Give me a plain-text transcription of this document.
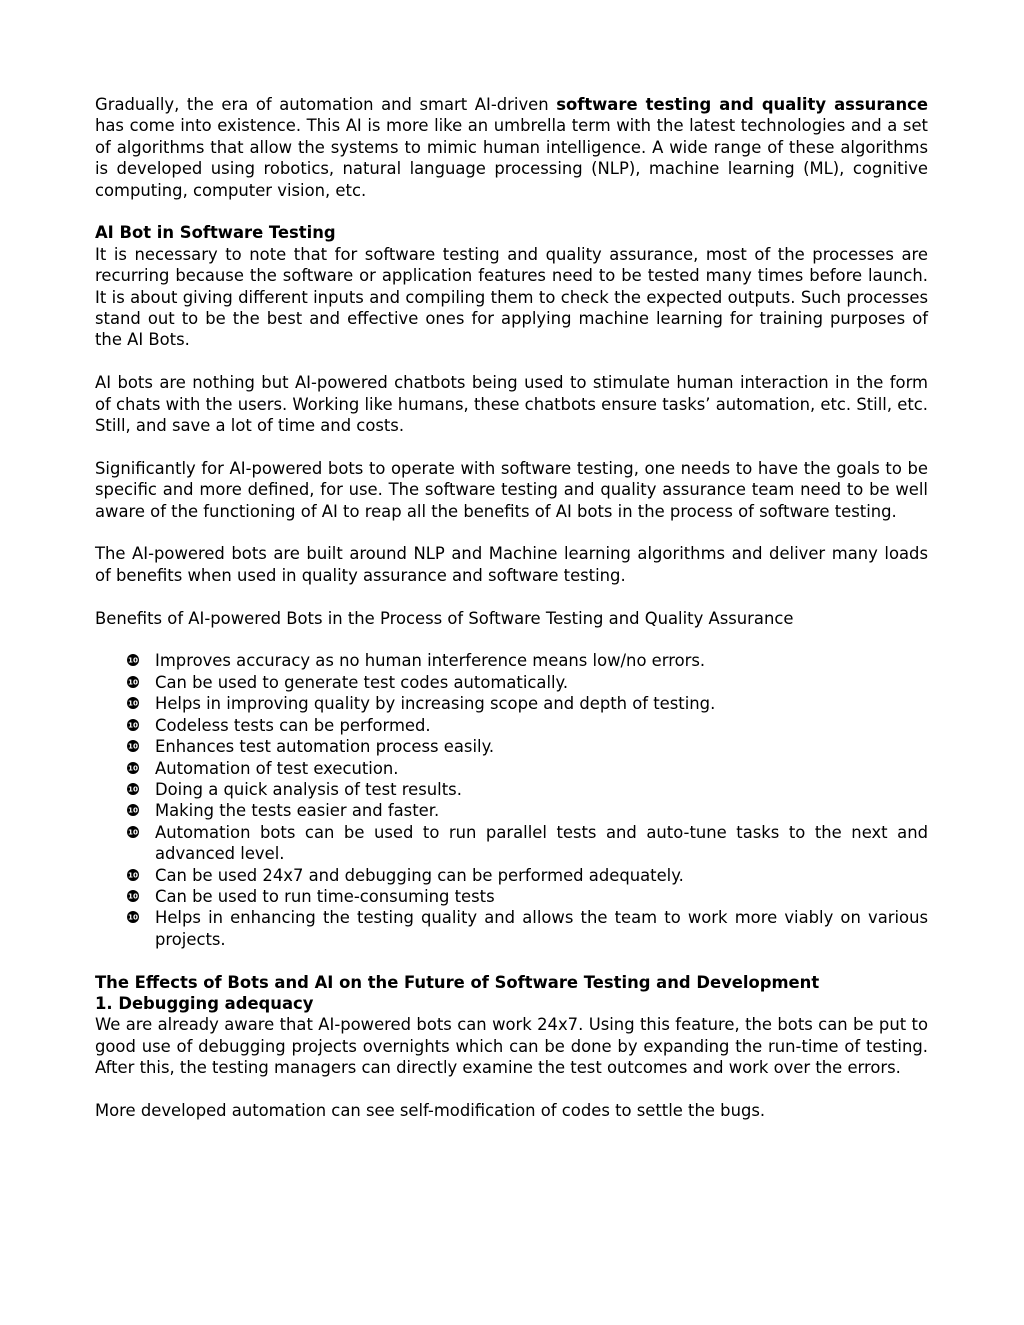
Gradually, the era of automation and smart AI-driven software testing and quality assurance has come into existence. This AI is more like an umbrella term with the latest technologies and a set of algorithms that allow the systems to mimic human intelligence. A wide range of these algorithms is developed using robotics, natural language processing (NLP), machine learning (ML), cognitive computing, computer vision, etc.

AI Bot in Software Testing

It is necessary to note that for software testing and quality assurance, most of the processes are recurring because the software or application features need to be tested many times before launch. It is about giving different inputs and compiling them to check the expected outputs. Such processes stand out to be the best and effective ones for applying machine learning for training purposes of the AI Bots.

AI bots are nothing but AI-powered chatbots being used to stimulate human interaction in the form of chats with the users. Working like humans, these chatbots ensure tasks’ automation, etc. Still, etc. Still, and save a lot of time and costs.

Significantly for AI-powered bots to operate with software testing, one needs to have the goals to be specific and more defined, for use. The software testing and quality assurance team need to be well aware of the functioning of AI to reap all the benefits of AI bots in the process of software testing.

The AI-powered bots are built around NLP and Machine learning algorithms and deliver many loads of benefits when used in quality assurance and software testing.

Benefits of AI-powered Bots in the Process of Software Testing and Quality Assurance

10 Improves accuracy as no human interference means low/no errors.
10 Can be used to generate test codes automatically.
10 Helps in improving quality by increasing scope and depth of testing.
10 Codeless tests can be performed.
10 Enhances test automation process easily.
10 Automation of test execution.
10 Doing a quick analysis of test results.
10 Making the tests easier and faster.
10 Automation bots can be used to run parallel tests and auto-tune tasks to the next and advanced level.
10 Can be used 24x7 and debugging can be performed adequately.
10 Can be used to run time-consuming tests
10 Helps in enhancing the testing quality and allows the team to work more viably on various projects.

The Effects of Bots and AI on the Future of Software Testing and Development

1. Debugging adequacy

We are already aware that AI-powered bots can work 24x7. Using this feature, the bots can be put to good use of debugging projects overnights which can be done by expanding the run-time of testing. After this, the testing managers can directly examine the test outcomes and work over the errors.

More developed automation can see self-modification of codes to settle the bugs.
